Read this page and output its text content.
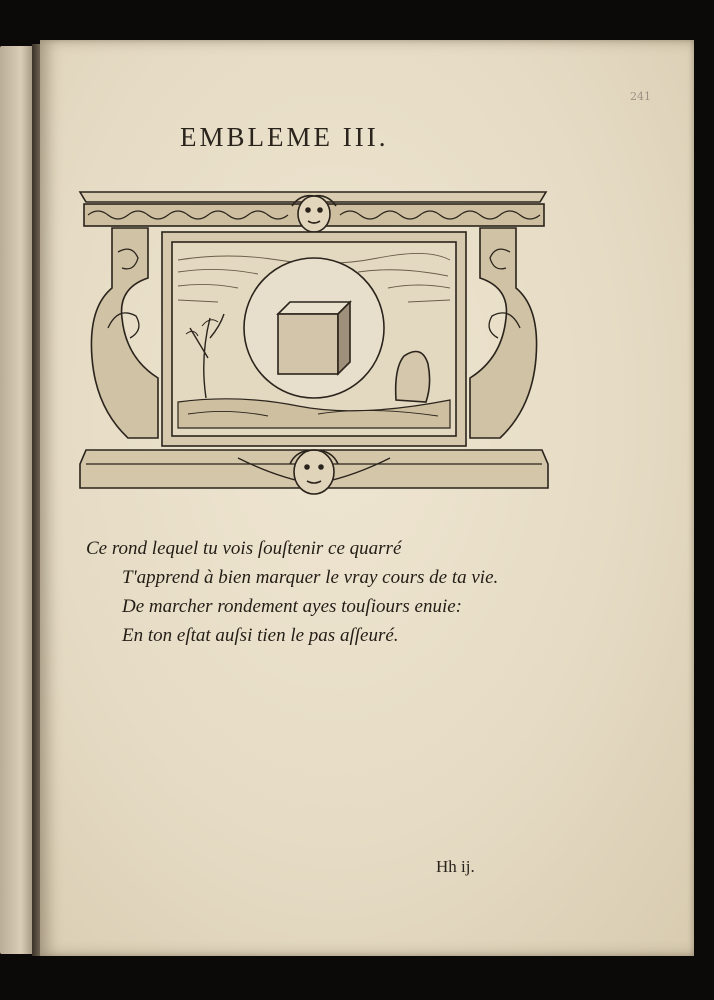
241
EMBLEME III.
Ce rond lequel tu vois ſouſtenir ce quarré
T'apprend à bien marquer le vray cours de ta vie.
De marcher rondement ayes touſiours enuie:
En ton eſtat auſsi tien le pas aſſeuré.
Hh ij.
